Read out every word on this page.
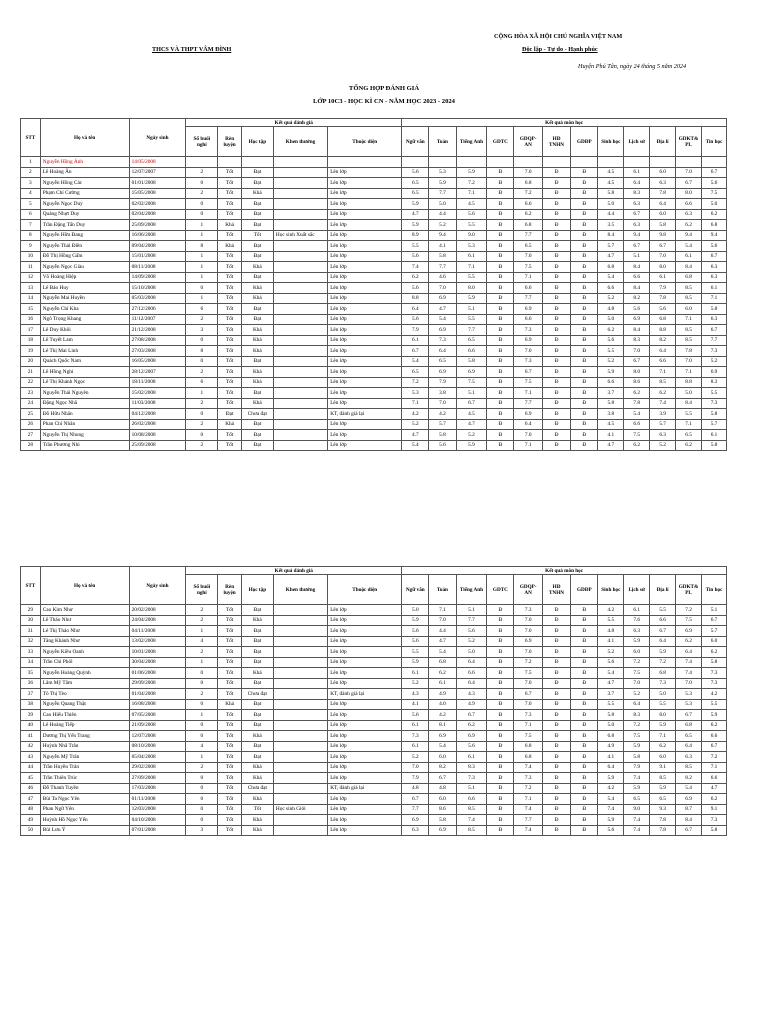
THCS VÀ THPT VÂM ĐÌNH
CỘNG HÒA XÃ HỘI CHỦ NGHĨA VIỆT NAM
Độc lập - Tự do - Hạnh phúc
Huyện Phú Tân, ngày 24 tháng 5 năm 2024
TỔNG HỢP ĐÁNH GIÁ
LỚP 10C3 - HỌC KÌ CN - NĂM HỌC 2023 - 2024
STT	Họ và tên	Ngày sinh	Kết quả đánh giá					Kết quả môn học											
			Số buổi nghỉ	Rèn luyện	Học tập	Khen thưởng	Thuộc diện	Ngữ văn	Toán	Tiếng Anh	GDTC	GDQP-AN	HĐ TNHN	GDĐP	Sinh học	Lịch sử	Địa lí	GDKT& PL	Tin học
1	Nguyễn Hồng Ánh	14/05/2008																	
2	Lê Hoàng Ân	12/07/2007	2	Tốt	Đạt		Lên lớp	5.6	5.3	5.9	Đ	7.0	Đ	Đ	4.5	6.1	6.0	7.0	6.7
3	Nguyễn Hồng Các	01/01/2008	0	Tốt	Đạt		Lên lớp	6.5	5.9	7.2	Đ	6.8	Đ	Đ	4.5	6.4	6.3	6.7	5.6
4	Phạm Chí Cường	15/05/2008	2	Tốt	Khá		Lên lớp	6.5	7.7	7.1	Đ	7.2	Đ	Đ	5.8	8.3	7.8	8.0	7.5
5	Nguyễn Ngọc Duy	02/02/2008	0	Tốt	Đạt		Lên lớp	5.9	5.0	4.5	Đ	6.6	Đ	Đ	5.0	6.3	6.4	6.6	5.0
6	Quảng Nhựt Duy	02/04/2008	0	Tốt	Đạt		Lên lớp	4.7	4.4	5.6	Đ	6.2	Đ	Đ	4.4	6.7	6.0	6.3	6.2
7	Trần Đặng Tấn Duy	25/09/2008	1	Khá	Đạt		Lên lớp	5.9	5.2	5.5	Đ	6.8	Đ	Đ	3.5	6.3	5.8	6.2	6.8
8	Nguyễn Hữu Đang	16/06/2008	1	Tốt	Tốt	Học sinh Xuất sắc	Lên lớp	8.9	9.4	9.0	Đ	7.7	Đ	Đ	8.4	9.4	9.8	9.4	9.4
9	Nguyễn Thái Điền	09/04/2008	8	Khá	Đạt		Lên lớp	5.5	4.1	5.3	Đ	6.5	Đ	Đ	5.7	6.7	6.7	5.4	5.6
10	Đỗ Thị Hồng Gấm	15/01/2008	1	Tốt	Đạt		Lên lớp	5.6	5.8	6.1	Đ	7.0	Đ	Đ	4.7	5.1	7.0	6.1	6.7
11	Nguyễn Ngọc Giàu	08/11/2008	1	Tốt	Khá		Lên lớp	7.4	7.7	7.1	Đ	7.5	Đ	Đ	6.8	8.4	8.0	8.4	6.3
12	Võ Hoàng Hiệp	14/09/2008	1	Tốt	Đạt		Lên lớp	6.2	4.6	5.5	Đ	7.1	Đ	Đ	5.4	6.6	6.1	6.8	6.3
13	Lê Bảo Huy	15/10/2008	0	Tốt	Khá		Lên lớp	5.6	7.0	8.0	Đ	6.6	Đ	Đ	6.6	8.4	7.9	8.5	6.1
14	Nguyễn Mai Huyền	05/03/2008	1	Tốt	Khá		Lên lớp	8.8	6.9	5.9	Đ	7.7	Đ	Đ	5.2	8.2	7.8	8.5	7.1
15	Nguyễn Chí Kha	27/12/2006	6	Tốt	Đạt		Lên lớp	6.4	4.7	5.1	Đ	6.9	Đ	Đ	4.8	5.6	5.6	6.0	5.8
16	Ngô Trọng Khang	11/12/2007	2	Tốt	Đạt		Lên lớp	5.6	5.4	5.5	Đ	6.6	Đ	Đ	5.0	6.9	6.8	7.1	6.3
17	Lê Duy Khôi	21/12/2008	3	Tốt	Khá		Lên lớp	7.9	6.9	7.7	Đ	7.3	Đ	Đ	6.2	8.4	8.8	8.5	6.7
18	Lê Tuyết Lam	27/08/2008	0	Tốt	Khá		Lên lớp	6.1	7.3	6.5	Đ	6.9	Đ	Đ	5.6	8.3	8.2	8.5	7.7
19	Lê Thị Mai Linh	27/03/2008	8	Tốt	Khá		Lên lớp	6.7	6.4	6.6	Đ	7.0	Đ	Đ	5.5	7.0	6.4	7.8	7.3
20	Quách Quốc Nam	16/05/2008	0	Tốt	Đạt		Lên lớp	5.4	6.5	5.8	Đ	7.3	Đ	Đ	5.2	6.7	6.6	7.0	5.2
21	Lê Hồng Nghi	28/12/2007	2	Tốt	Khá		Lên lớp	6.5	6.9	6.9	Đ	6.7	Đ	Đ	5.9	8.0	7.1	7.1	6.9
22	Lê Thị Khánh Ngọc	18/11/2008	6	Tốt	Khá		Lên lớp	7.2	7.9	7.5	Đ	7.5	Đ	Đ	6.6	8.6	8.5	8.8	8.3
23	Nguyễn Thái Nguyên	15/02/2008	1	Tốt	Đạt		Lên lớp	5.3	3.8	5.1	Đ	7.1	Đ	Đ	3.7	6.2	6.2	5.0	5.5
24	Đặng Ngọc Nhã	11/03/2008	2	Tốt	Khá		Lên lớp	7.1	7.0	6.7	Đ	7.7	Đ	Đ	5.8	7.8	7.4	8.4	7.3
25	Đỗ Hữu Nhân	04/12/2008	0	Đạt	Chưa đạt		KT, đánh giá lại	4.2	4.2	4.5	Đ	6.9	Đ	Đ	3.8	5.4	3.9	5.5	5.8
26	Phan Chí Nhân	26/02/2008	2	Khá	Đạt		Lên lớp	5.2	5.7	4.7	Đ	6.4	Đ	Đ	4.5	6.6	5.7	7.1	5.7
27	Nguyễn Thị Nhung	10/08/2008	0	Tốt	Đạt		Lên lớp	4.7	5.8	5.2	Đ	7.0	Đ	Đ	4.1	7.5	6.3	6.5	6.1
28	Trần Phương Nhi	25/09/2008	2	Tốt	Đạt		Lên lớp	5.4	5.6	5.9	Đ	7.1	Đ	Đ	4.7	6.2	5.2	6.2	5.8
STT	Họ và tên	Ngày sinh	Kết quả đánh giá					Kết quả môn học											
			Số buổi nghỉ	Rèn luyện	Học tập	Khen thưởng	Thuộc diện	Ngữ văn	Toán	Tiếng Anh	GDTC	GDQP-AN	HĐ TNHN	GDĐP	Sinh học	Lịch sử	Địa lí	GDKT& PL	Tin học
29	Cao Kim Như	20/02/2008	2	Tốt	Đạt		Lên lớp	5.0	7.1	5.1	Đ	7.3	Đ	Đ	4.2	6.1	5.5	7.2	5.1
30	Lê Thảo Như	24/04/2008	2	Tốt	Khá		Lên lớp	5.9	7.0	7.7	Đ	7.0	Đ	Đ	5.5	7.6	6.6	7.5	6.7
31	Lê Thị Thảo Như	04/11/2008	1	Tốt	Đạt		Lên lớp	5.6	4.4	5.6	Đ	7.0	Đ	Đ	4.8	6.3	6.7	6.9	5.7
32	Tăng Khánh Như	13/02/2008	4	Tốt	Đạt		Lên lớp	5.6	4.7	5.2	Đ	6.9	Đ	Đ	4.1	5.9	6.4	6.2	6.0
33	Nguyễn Kiều Oanh	10/01/2008	2	Tốt	Đạt		Lên lớp	5.5	5.4	5.0	Đ	7.0	Đ	Đ	5.2	6.0	5.9	6.4	6.2
34	Trần Chí Phôl	30/04/2008	1	Tốt	Đạt		Lên lớp	5.9	6.8	6.4	Đ	7.2	Đ	Đ	5.6	7.2	7.2	7.4	5.8
35	Nguyễn Hoàng Quỳnh	01/06/2008	0	Tốt	Khá		Lên lớp	6.1	6.2	6.6	Đ	7.5	Đ	Đ	5.4	7.5	6.8	7.4	7.3
36	Lâm Mỹ Tâm	29/09/2008	0	Tốt	Đạt		Lên lớp	5.2	6.1	6.4	Đ	7.0	Đ	Đ	4.7	7.0	7.3	7.0	7.3
37	Tô Thị Tèo	01/04/2008	2	Tốt	Chưa đạt		KT, đánh giá lại	4.3	4.9	4.3	Đ	6.7	Đ	Đ	3.7	5.2	5.0	5.3	4.2
38	Nguyễn Quang Thật	16/08/2008	0	Khá	Đạt		Lên lớp	4.1	4.0	4.9	Đ	7.0	Đ	Đ	5.5	6.4	5.5	5.3	5.5
39	Cao Hiếu Thiên	07/05/2008	1	Tốt	Đạt		Lên lớp	5.6	4.2	6.7	Đ	7.3	Đ	Đ	5.8	8.3	8.0	6.7	5.9
40	Lê Hoàng Tiếp	21/09/2008	0	Tốt	Đạt		Lên lớp	6.1	8.1	6.2	Đ	7.1	Đ	Đ	5.0	7.2	5.9	6.8	6.2
41	Dương Thị Yến Trang	12/07/2008	0	Tốt	Khá		Lên lớp	7.3	6.9	6.9	Đ	7.5	Đ	Đ	6.8	7.5	7.1	6.5	6.6
42	Huỳnh Nhã Trân	08/10/2008	4	Tốt	Đạt		Lên lớp	6.1	5.4	5.6	Đ	6.8	Đ	Đ	4.9	5.9	6.2	6.4	6.7
43	Nguyễn Mỹ Trân	05/04/2008	1	Tốt	Đạt		Lên lớp	5.2	6.0	6.1	Đ	6.8	Đ	Đ	4.1	5.8	6.0	6.3	7.2
44	Trần Huyền Trân	29/02/2008	2	Tốt	Khá		Lên lớp	7.0	8.2	8.3	Đ	7.4	Đ	Đ	6.4	7.9	9.1	8.5	7.1
45	Trần Thiên Trúc	27/09/2008	0	Tốt	Khá		Lên lớp	7.9	6.7	7.3	Đ	7.3	Đ	Đ	5.9	7.4	8.5	8.2	6.6
46	Đỗ Thanh Tuyền	17/03/2008	0	Tốt	Chưa đạt		KT, đánh giá lại	4.8	4.8	5.1	Đ	7.2	Đ	Đ	4.2	5.9	5.9	5.4	4.7
47	Bùi Ta Ngọc Yên	01/11/2008	0	Tốt	Khá		Lên lớp	6.7	6.0	6.6	Đ	7.1	Đ	Đ	5.4	6.5	6.5	6.9	6.2
48	Phan Ngữ Yên	12/03/2008	0	Tốt	Tốt	Học sinh Giỏi	Lên lớp	7.7	8.6	8.5	Đ	7.4	Đ	Đ	7.4	9.0	9.3	8.7	9.1
49	Huỳnh Hồ Ngọc Yến	04/10/2008	0	Tốt	Khá		Lên lớp	6.9	5.8	7.4	Đ	7.7	Đ	Đ	5.9	7.4	7.8	8.4	7.3
50	Bùi Lưu Ý	07/01/2008	3	Tốt	Khá		Lên lớp	6.3	6.9	8.5	Đ	7.4	Đ	Đ	5.6	7.4	7.8	6.7	5.8
